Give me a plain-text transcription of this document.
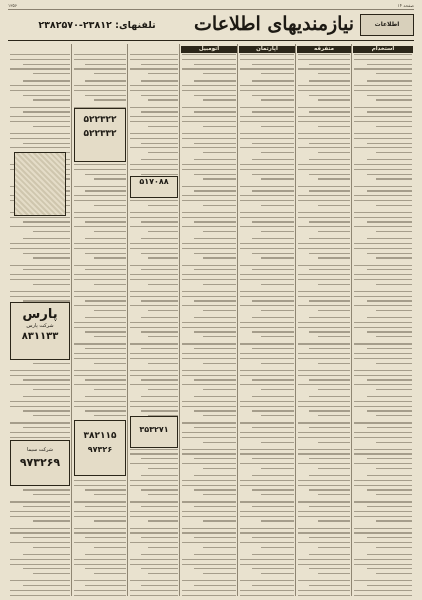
صفحه ۱۴
۱۳۵۶
اطلاعات
نیازمندیهای اطلاعات
تلفنهای: ۲۳۸۱۲-۲۳۸۲۵۷۰
استخدام
متفرقه
آپارتمان
اتومبیل
۵۱۷۰۸۸
۳۵۳۲۷۱
۵۲۲۳۲۲
۵۲۲۳۳۲
۳۸۲۱۱۵
۹۷۳۲۶
پارس
شرکت پارس
۸۳۱۱۳۳
شرکت سیما
۹۷۳۲۶۹
